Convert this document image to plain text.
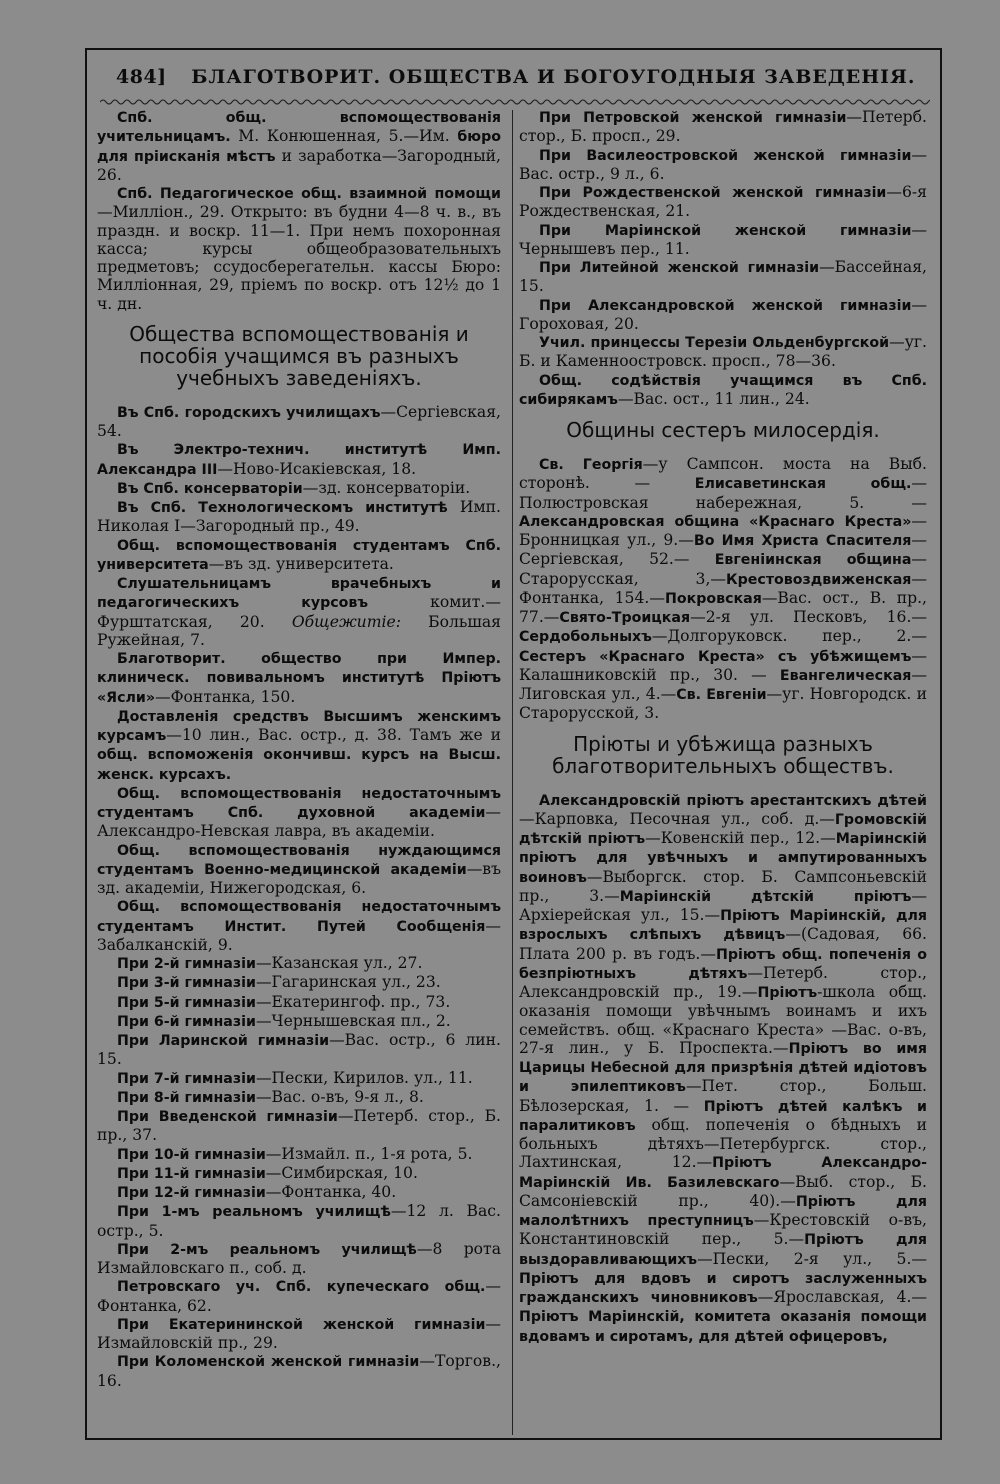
484] БЛАГОТВОРИТ. ОБЩЕСТВА И БОГОУГОДНЫЯ ЗАВЕДЕНІЯ.

Спб. общ. вспомоществованія учительницамъ. М. Конюшенная, 5.—Им. бюро для пріисканія мѣстъ и заработка—Загородный, 26.

Спб. Педагогическое общ. взаимной помощи—Милліон., 29. Открыто: въ будни 4—8 ч. в., въ праздн. и воскр. 11—1. При немъ похоронная касса; курсы общеобразовательныхъ предметовъ; ссудосберегательн. кассы Бюро: Милліонная, 29, пріемъ по воскр. отъ 12½ до 1 ч. дн.

Общества вспомоществованія и пособія учащимся въ разныхъ учебныхъ заведеніяхъ.

Въ Спб. городскихъ училищахъ—Сергіевская, 54.

Въ Электро-технич. институтѣ Имп. Александра III—Ново-Исакіевская, 18.

Въ Спб. консерваторіи—зд. консерваторіи.

Въ Спб. Технологическомъ институтѣ Имп. Николая I—Загородный пр., 49.

Общ. вспомоществованія студентамъ Спб. университета—въ зд. университета.

Слушательницамъ врачебныхъ и педагогическихъ курсовъ комит.—Фурштатская, 20. Общежитіе: Большая Ружейная, 7.

Благотворит. общество при Импер. клиническ. повивальномъ институтѣ Пріютъ «Ясли»—Фонтанка, 150.

Доставленія средствъ Высшимъ женскимъ курсамъ—10 лин., Вас. остр., д. 38. Тамъ же и общ. вспоможенія окончивш. курсъ на Высш. женск. курсахъ.

Общ. вспомоществованія недостаточнымъ студентамъ Спб. духовной академіи—Александро-Невская лавра, въ академіи.

Общ. вспомоществованія нуждающимся студентамъ Военно-медицинской академіи—въ зд. академіи, Нижегородская, 6.

Общ. вспомоществованія недостаточнымъ студентамъ Инстит. Путей Сообщенія—Забалканскій, 9.

При 2-й гимназіи—Казанская ул., 27.

При 3-й гимназіи—Гагаринская ул., 23.

При 5-й гимназіи—Екатерингоф. пр., 73.

При 6-й гимназіи—Чернышевская пл., 2.

При Ларинской гимназіи—Вас. остр., 6 лин. 15.

При 7-й гимназіи—Пески, Кирилов. ул., 11.

При 8-й гимназіи—Вас. о-въ, 9-я л., 8.

При Введенской гимназіи—Петерб. стор., Б. пр., 37.

При 10-й гимназіи—Измайл. п., 1-я рота, 5.

При 11-й гимназіи—Симбирская, 10.

При 12-й гимназіи—Фонтанка, 40.

При 1-мъ реальномъ училищѣ—12 л. Вас. остр., 5.

При 2-мъ реальномъ училищѣ—8 рота Измайловскаго п., соб. д.

Петровскаго уч. Спб. купеческаго общ.—Фонтанка, 62.

При Екатерининской женской гимназіи—Измайловскій пр., 29.

При Коломенской женской гимназіи—Торгов., 16.

При Петровской женской гимназіи—Петерб. стор., Б. просп., 29.

При Василеостровской женской гимназіи—Вас. остр., 9 л., 6.

При Рождественской женской гимназіи—6-я Рождественская, 21.

При Маріинской женской гимназіи—Чернышевъ пер., 11.

При Литейной женской гимназіи—Бассейная, 15.

При Александровской женской гимназіи—Гороховая, 20.

Учил. принцессы Терезіи Ольденбургской—уг. Б. и Каменноостровск. просп., 78—36.

Общ. содѣйствія учащимся въ Спб. сибирякамъ—Вас. ост., 11 лин., 24.

Общины сестеръ милосердія.

Св. Георгія—у Сампсон. моста на Выб. сторонѣ. — Елисаветинская общ.—Полюстровская набережная, 5. —Александровская община «Краснаго Креста»—Бронницкая ул., 9.—Во Имя Христа Спасителя—Сергіевская, 52.— Евгеніинская община—Старорусская, 3,—Крестовоздвиженская—Фонтанка, 154.—Покровская—Вас. ост., В. пр., 77.—Свято-Троицкая—2-я ул. Песковъ, 16.—Сердобольныхъ—Долгоруковск. пер., 2.—Сестеръ «Краснаго Креста» съ убѣжищемъ—Калашниковскій пр., 30. — Евангелическая—Лиговская ул., 4.—Св. Евгеніи—уг. Новгородск. и Старорусской, 3.

Пріюты и убѣжища разныхъ благотворительныхъ обществъ.

Александровскій пріютъ арестантскихъ дѣтей—Карповка, Песочная ул., соб. д.—Громовскій дѣтскій пріютъ—Ковенскій пер., 12.—Маріинскій пріютъ для увѣчныхъ и ампутированныхъ воиновъ—Выборгск. стор. Б. Сампсоньевскій пр., 3.—Маріинскій дѣтскій пріютъ—Архіерейская ул., 15.—Пріютъ Маріинскій, для взрослыхъ слѣпыхъ дѣвицъ—(Садовая, 66. Плата 200 р. въ годъ.—Пріютъ общ. попеченія о безпріютныхъ дѣтяхъ—Петерб. стор., Александровскій пр., 19.—Пріютъ-школа общ. оказанія помощи увѣчнымъ воинамъ и ихъ семействъ. общ. «Краснаго Креста» —Вас. о-въ, 27-я лин., у Б. Проспекта.—Пріютъ во имя Царицы Небесной для призрѣнія дѣтей идіотовъ и эпилептиковъ—Пет. стор., Больш. Бѣлозерская, 1. — Пріютъ дѣтей калѣкъ и паралитиковъ общ. попеченія о бѣдныхъ и больныхъ дѣтяхъ—Петербургск. стор., Лахтинская, 12.—Пріютъ Александро-Маріинскій Ив. Базилевскаго—Выб. стор., Б. Самсоніевскій пр., 40).—Пріютъ для малолѣтнихъ преступницъ—Крестовскій о-въ, Константиновскій пер., 5.—Пріютъ для выздоравливающихъ—Пески, 2-я ул., 5.—Пріютъ для вдовъ и сиротъ заслуженныхъ гражданскихъ чиновниковъ—Ярославская, 4.—Пріютъ Маріинскій, комитета оказанія помощи вдовамъ и сиротамъ, для дѣтей офицеровъ,
